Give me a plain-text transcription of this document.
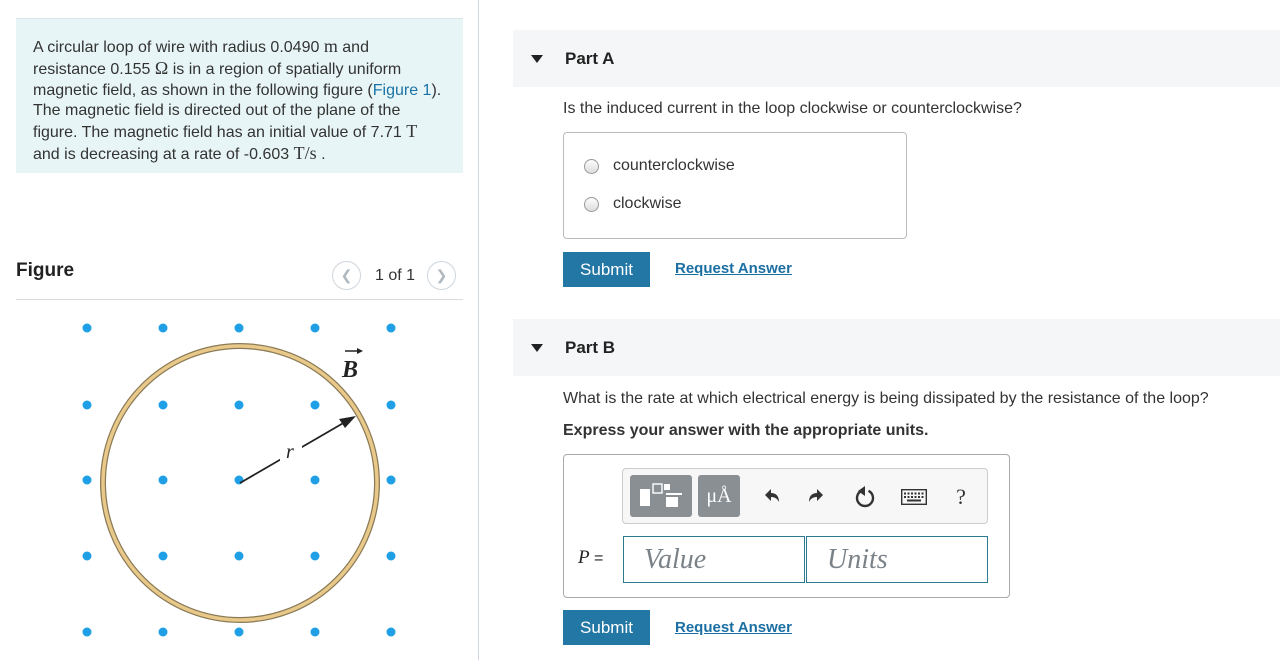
A circular loop of wire with radius 0.0490 m and resistance 0.155 Ω is in a region of spatially uniform magnetic field, as shown in the following figure (Figure 1). The magnetic field is directed out of the plane of the figure. The magnetic field has an initial value of 7.71 T and is decreasing at a rate of -0.603 T/s .
Figure	❮ 1 of 1 ❯
r
B
Part A
Is the induced current in the loop clockwise or counterclockwise?
counterclockwise
clockwise
Submit	Request Answer
Part B
What is the rate at which electrical energy is being dissipated by the resistance of the loop?
Express your answer with the appropriate units.
μÅ	?
P =
Value
Units
Submit	Request Answer
